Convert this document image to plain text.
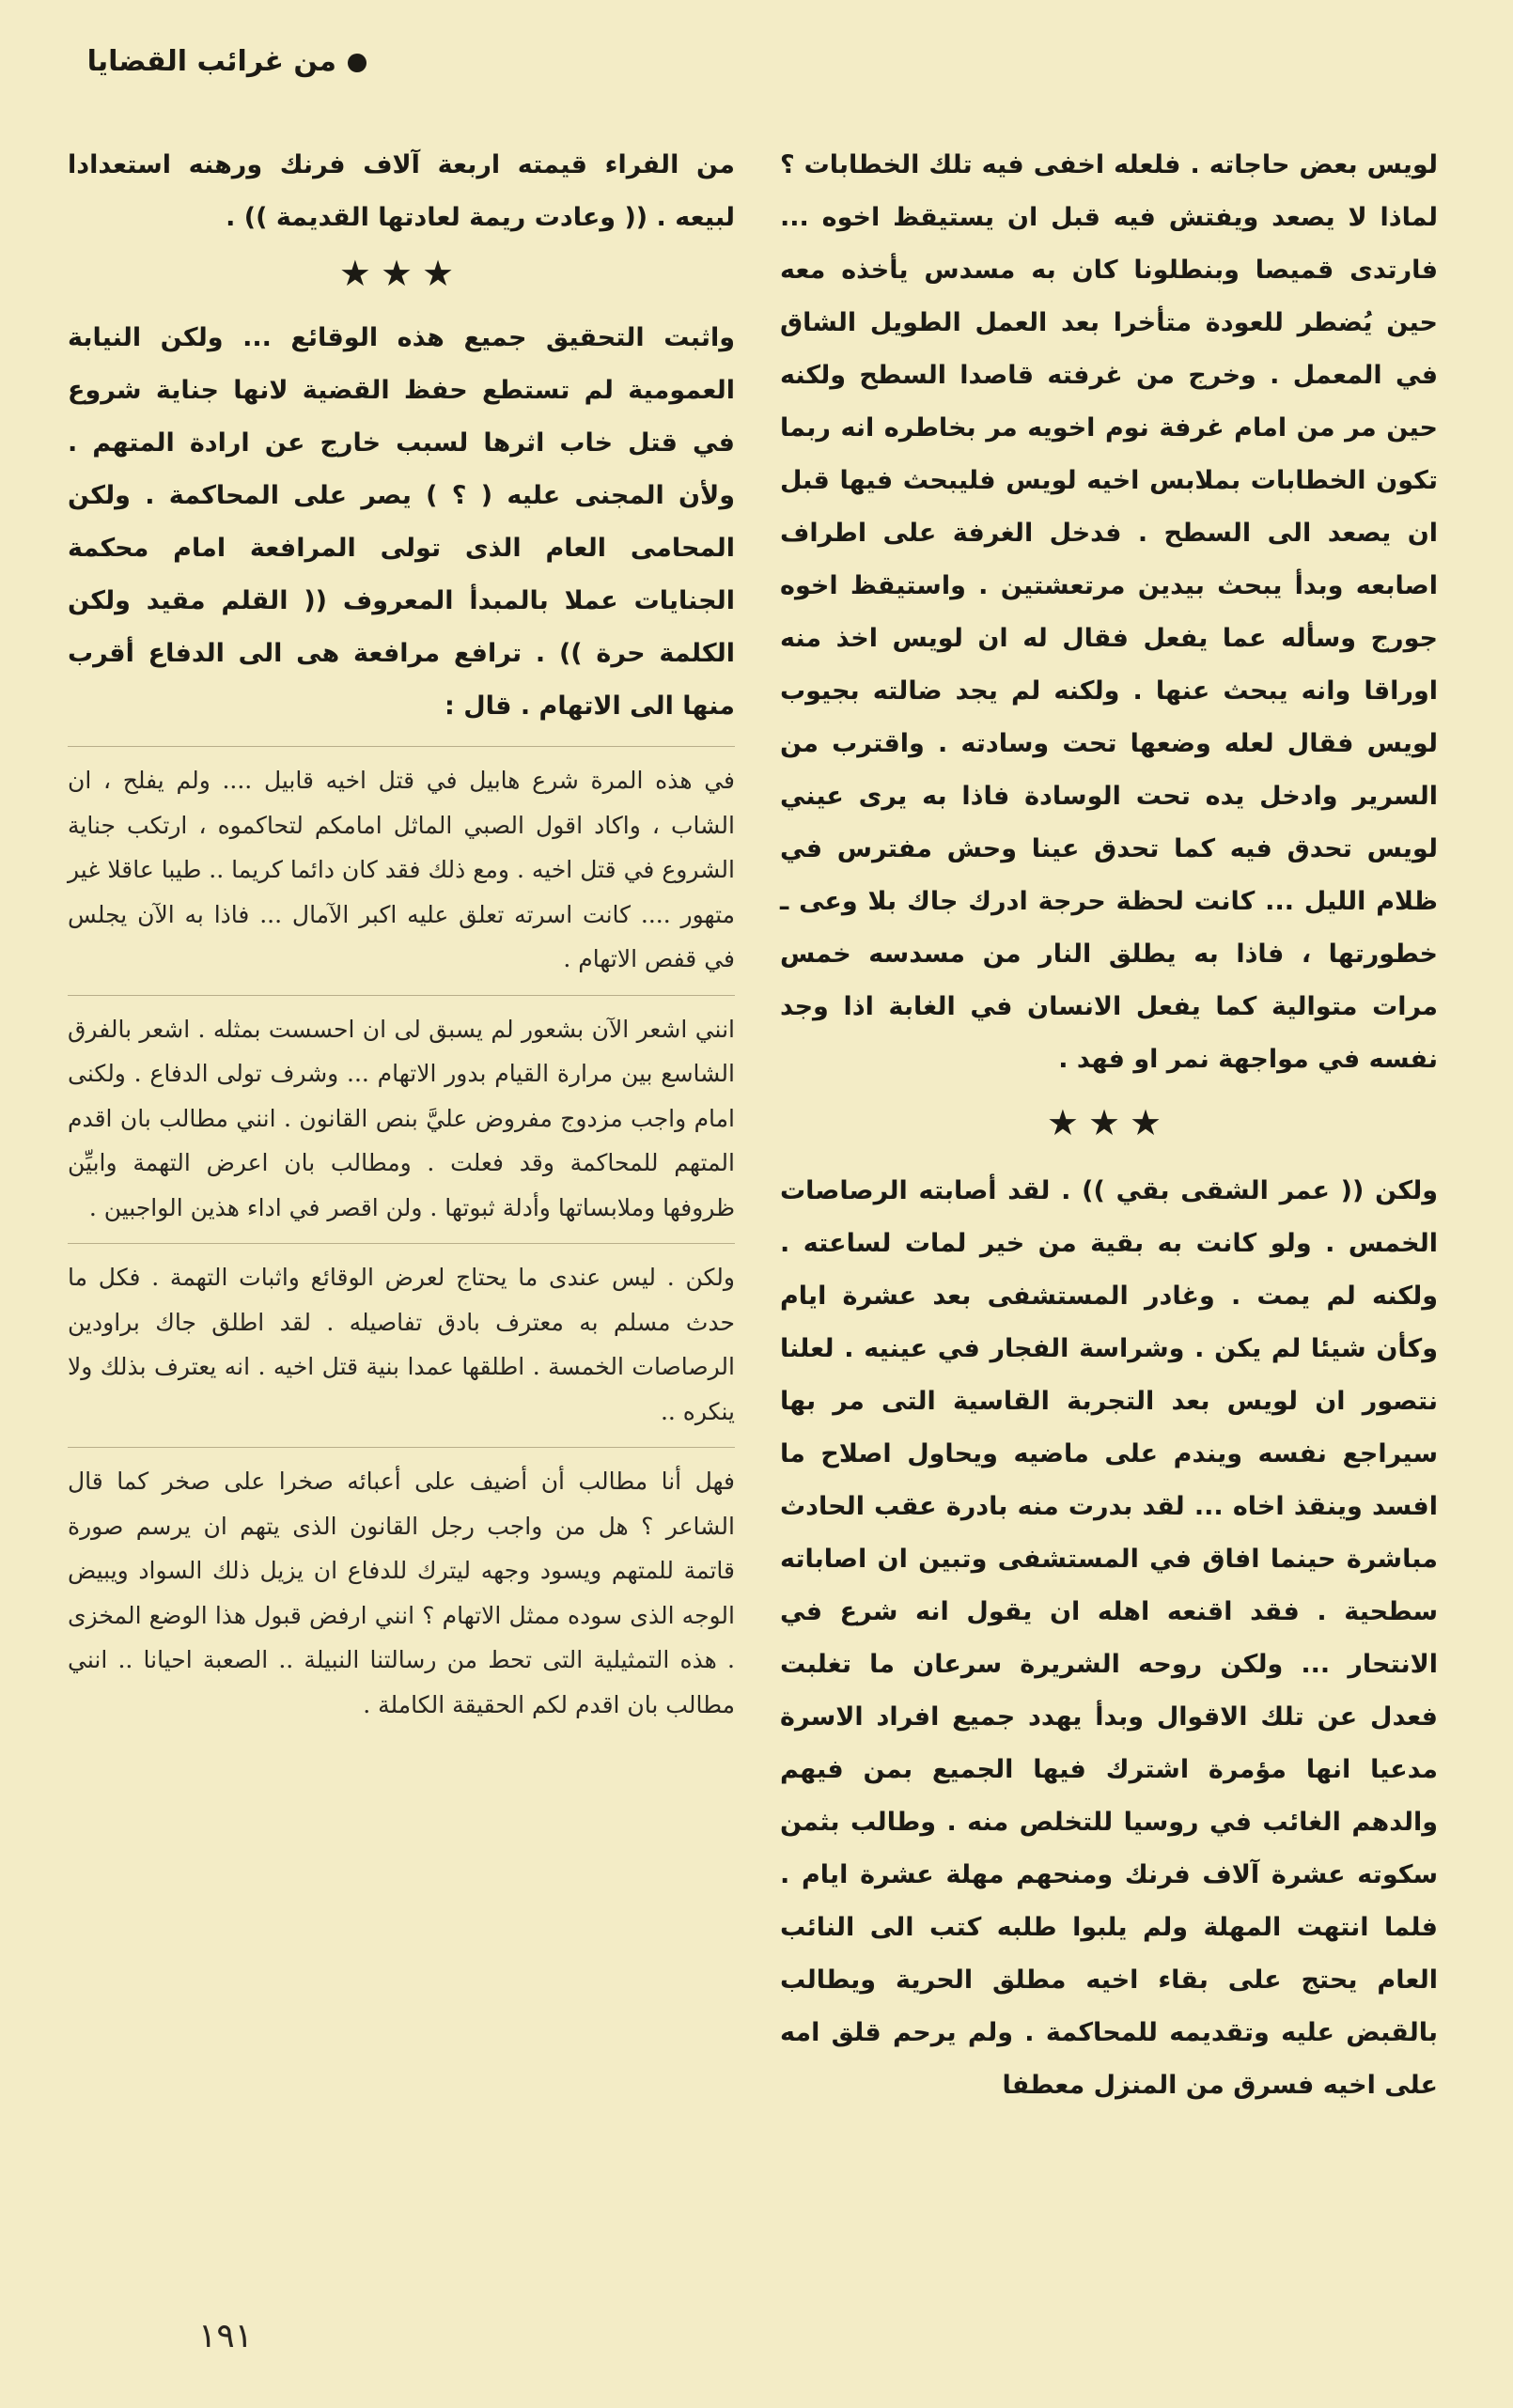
من غرائب القضايا

لويس بعض حاجاته . فلعله اخفى فيه تلك الخطابات ؟ لماذا لا يصعد ويفتش فيه قبل ان يستيقظ اخوه ... فارتدى قميصا وبنطلونا كان به مسدس يأخذه معه حين يُضطر للعودة متأخرا بعد العمل الطويل الشاق في المعمل . وخرج من غرفته قاصدا السطح ولكنه حين مر من امام غرفة نوم اخويه مر بخاطره انه ربما تكون الخطابات بملابس اخيه لويس فليبحث فيها قبل ان يصعد الى السطح . فدخل الغرفة على اطراف اصابعه وبدأ يبحث بيدين مرتعشتين . واستيقظ اخوه جورج وسأله عما يفعل فقال له ان لويس اخذ منه اوراقا وانه يبحث عنها . ولكنه لم يجد ضالته بجيوب لويس فقال لعله وضعها تحت وسادته . واقترب من السرير وادخل يده تحت الوسادة فاذا به يرى عيني لويس تحدق فيه كما تحدق عينا وحش مفترس في ظلام الليل ... كانت لحظة حرجة ادرك جاك بلا وعى ـ خطورتها ، فاذا به يطلق النار من مسدسه خمس مرات متوالية كما يفعل الانسان في الغابة اذا وجد نفسه في مواجهة نمر او فهد .

★★★

ولكن (( عمر الشقى بقي )) . لقد أصابته الرصاصات الخمس . ولو كانت به بقية من خير لمات لساعته . ولكنه لم يمت . وغادر المستشفى بعد عشرة ايام وكأن شيئا لم يكن . وشراسة الفجار في عينيه . لعلنا نتصور ان لويس بعد التجربة القاسية التى مر بها سيراجع نفسه ويندم على ماضيه ويحاول اصلاح ما افسد وينقذ اخاه ... لقد بدرت منه بادرة عقب الحادث مباشرة حينما افاق في المستشفى وتبين ان اصاباته سطحية . فقد اقنعه اهله ان يقول انه شرع في الانتحار ... ولكن روحه الشريرة سرعان ما تغلبت فعدل عن تلك الاقوال وبدأ يهدد جميع افراد الاسرة مدعيا انها مؤمرة اشترك فيها الجميع بمن فيهم والدهم الغائب في روسيا للتخلص منه . وطالب بثمن سكوته عشرة آلاف فرنك ومنحهم مهلة عشرة ايام . فلما انتهت المهلة ولم يلبوا طلبه كتب الى النائب العام يحتج على بقاء اخيه مطلق الحرية ويطالب بالقبض عليه وتقديمه للمحاكمة . ولم يرحم قلق امه على اخيه فسرق من المنزل معطفا

من الفراء قيمته اربعة آلاف فرنك ورهنه استعدادا لبيعه . (( وعادت ريمة لعادتها القديمة )) .

★★★

واثبت التحقيق جميع هذه الوقائع ... ولكن النيابة العمومية لم تستطع حفظ القضية لانها جناية شروع في قتل خاب اثرها لسبب خارج عن ارادة المتهم . ولأن المجنى عليه ( ؟ ) يصر على المحاكمة . ولكن المحامى العام الذى تولى المرافعة امام محكمة الجنايات عملا بالمبدأ المعروف (( القلم مقيد ولكن الكلمة حرة )) . ترافع مرافعة هى الى الدفاع أقرب منها الى الاتهام . قال :

في هذه المرة شرع هابيل في قتل اخيه قابيل .... ولم يفلح ، ان الشاب ، واكاد اقول الصبي الماثل امامكم لتحاكموه ، ارتكب جناية الشروع في قتل اخيه . ومع ذلك فقد كان دائما كريما .. طيبا عاقلا غير متهور .... كانت اسرته تعلق عليه اكبر الآمال ... فاذا به الآن يجلس في قفص الاتهام .

انني اشعر الآن بشعور لم يسبق لى ان احسست بمثله . اشعر بالفرق الشاسع بين مرارة القيام بدور الاتهام ... وشرف تولى الدفاع . ولكنى امام واجب مزدوج مفروض عليَّ بنص القانون . انني مطالب بان اقدم المتهم للمحاكمة وقد فعلت . ومطالب بان اعرض التهمة وابيِّن ظروفها وملابساتها وأدلة ثبوتها . ولن اقصر في اداء هذين الواجبين .

ولكن . ليس عندى ما يحتاج لعرض الوقائع واثبات التهمة . فكل ما حدث مسلم به معترف بادق تفاصيله . لقد اطلق جاك براودين الرصاصات الخمسة . اطلقها عمدا بنية قتل اخيه . انه يعترف بذلك ولا ينكره ..

فهل أنا مطالب أن أضيف على أعبائه صخرا على صخر كما قال الشاعر ؟ هل من واجب رجل القانون الذى يتهم ان يرسم صورة قاتمة للمتهم ويسود وجهه ليترك للدفاع ان يزيل ذلك السواد ويبيض الوجه الذى سوده ممثل الاتهام ؟ انني ارفض قبول هذا الوضع المخزى . هذه التمثيلية التى تحط من رسالتنا النبيلة .. الصعبة احيانا .. انني مطالب بان اقدم لكم الحقيقة الكاملة .

١٩١
